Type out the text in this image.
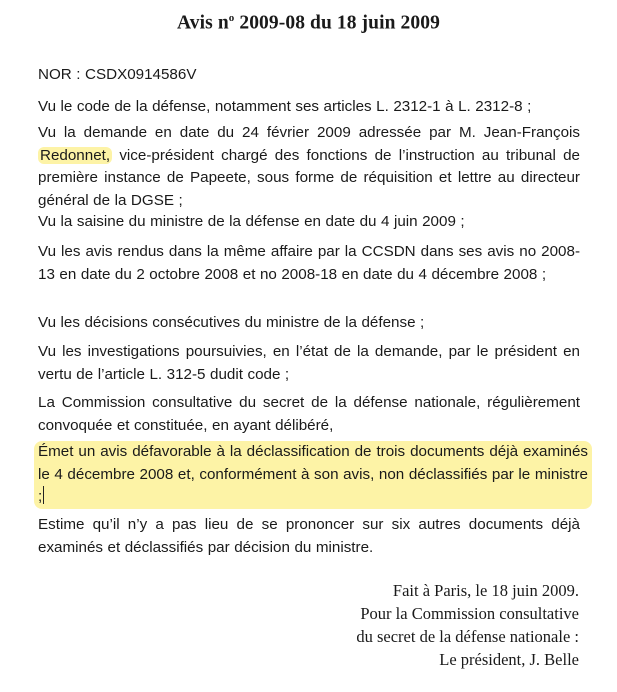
Avis $n^o$ 2009-08 du 18 juin 2009
NOR : CSDX0914586V
Vu le code de la défense, notamment ses articles L. 2312-1 à L. 2312-8 ;
Vu la demande en date du 24 février 2009 adressée par M. Jean-François Redonnet, vice-président chargé des fonctions de l’instruction au tribunal de première instance de Papeete, sous forme de réquisition et lettre au directeur général de la DGSE ;
Vu la saisine du ministre de la défense en date du 4 juin 2009 ;
Vu les avis rendus dans la même affaire par la CCSDN dans ses avis no 2008-13 en date du 2 octobre 2008 et no 2008-18 en date du 4 décembre 2008 ;
Vu les décisions consécutives du ministre de la défense ;
Vu les investigations poursuivies, en l’état de la demande, par le président en vertu de l’article L. 312-5 dudit code ;
La Commission consultative du secret de la défense nationale, régulièrement convoquée et constituée, en ayant délibéré,
Émet un avis défavorable à la déclassification de trois documents déjà examinés le 4 décembre 2008 et, conformément à son avis, non déclassifiés par le ministre ;
Estime qu’il n’y a pas lieu de se prononcer sur six autres documents déjà examinés et déclassifiés par décision du ministre.
Fait à Paris, le 18 juin 2009.
Pour la Commission consultative
du secret de la défense nationale :
Le président, J. Belle
